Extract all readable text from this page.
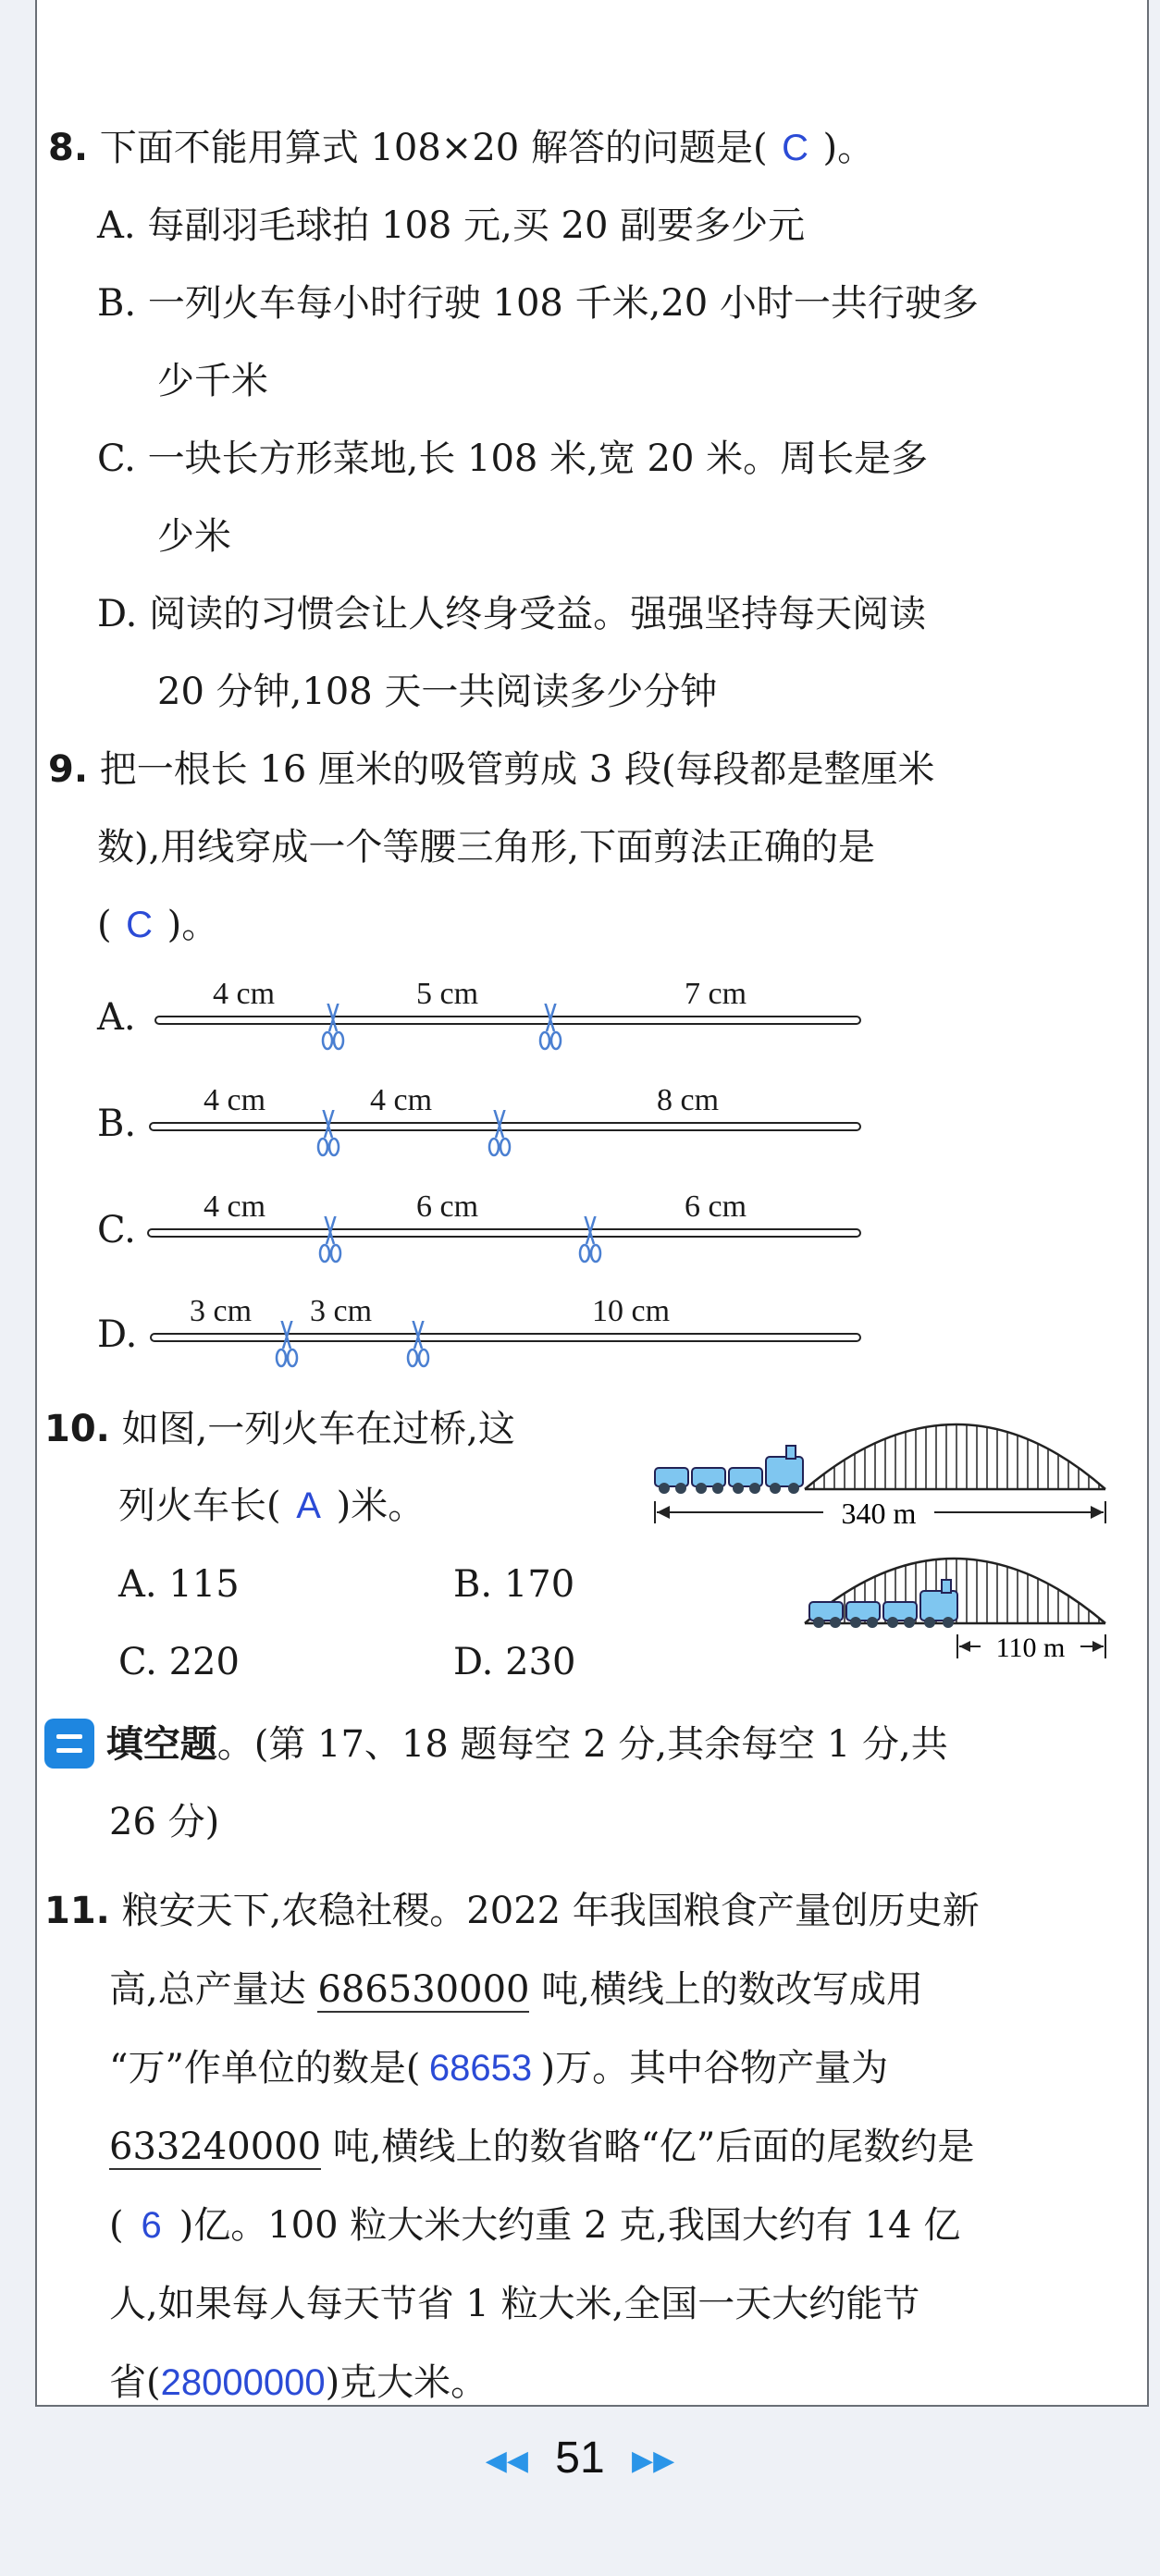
8. 下面不能用算式 108×20 解答的问题是( C )。
A. 每副羽毛球拍 108 元,买 20 副要多少元
B. 一列火车每小时行驶 108 千米,20 小时一共行驶多
少千米
C. 一块长方形菜地,长 108 米,宽 20 米。周长是多
少米
D. 阅读的习惯会让人终身受益。强强坚持每天阅读
20 分钟,108 天一共阅读多少分钟
9. 把一根长 16 厘米的吸管剪成 3 段(每段都是整厘米
数),用线穿成一个等腰三角形,下面剪法正确的是
( C )。
A.
4 cm	5 cm	7 cm
B.
4 cm	4 cm	8 cm
C.
4 cm	6 cm	6 cm
D.
3 cm 3 cm	10 cm
10. 如图,一列火车在过桥,这
列火车长( A )米。
A. 115	B. 170
C. 220	D. 230
340 m
110 m
填空题。(第 17、18 题每空 2 分,其余每空 1 分,共
26 分)
11. 粮安天下,农稳社稷。2022 年我国粮食产量创历史新
高,总产量达 686530000 吨,横线上的数改写成用
“万”作单位的数是( 68653 )万。其中谷物产量为
633240000 吨,横线上的数省略“亿”后面的尾数约是
( 6 )亿。100 粒大米大约重 2 克,我国大约有 14 亿
人,如果每人每天节省 1 粒大米,全国一天大约能节
省(28000000)克大米。
◀◀ 51 ▶▶
